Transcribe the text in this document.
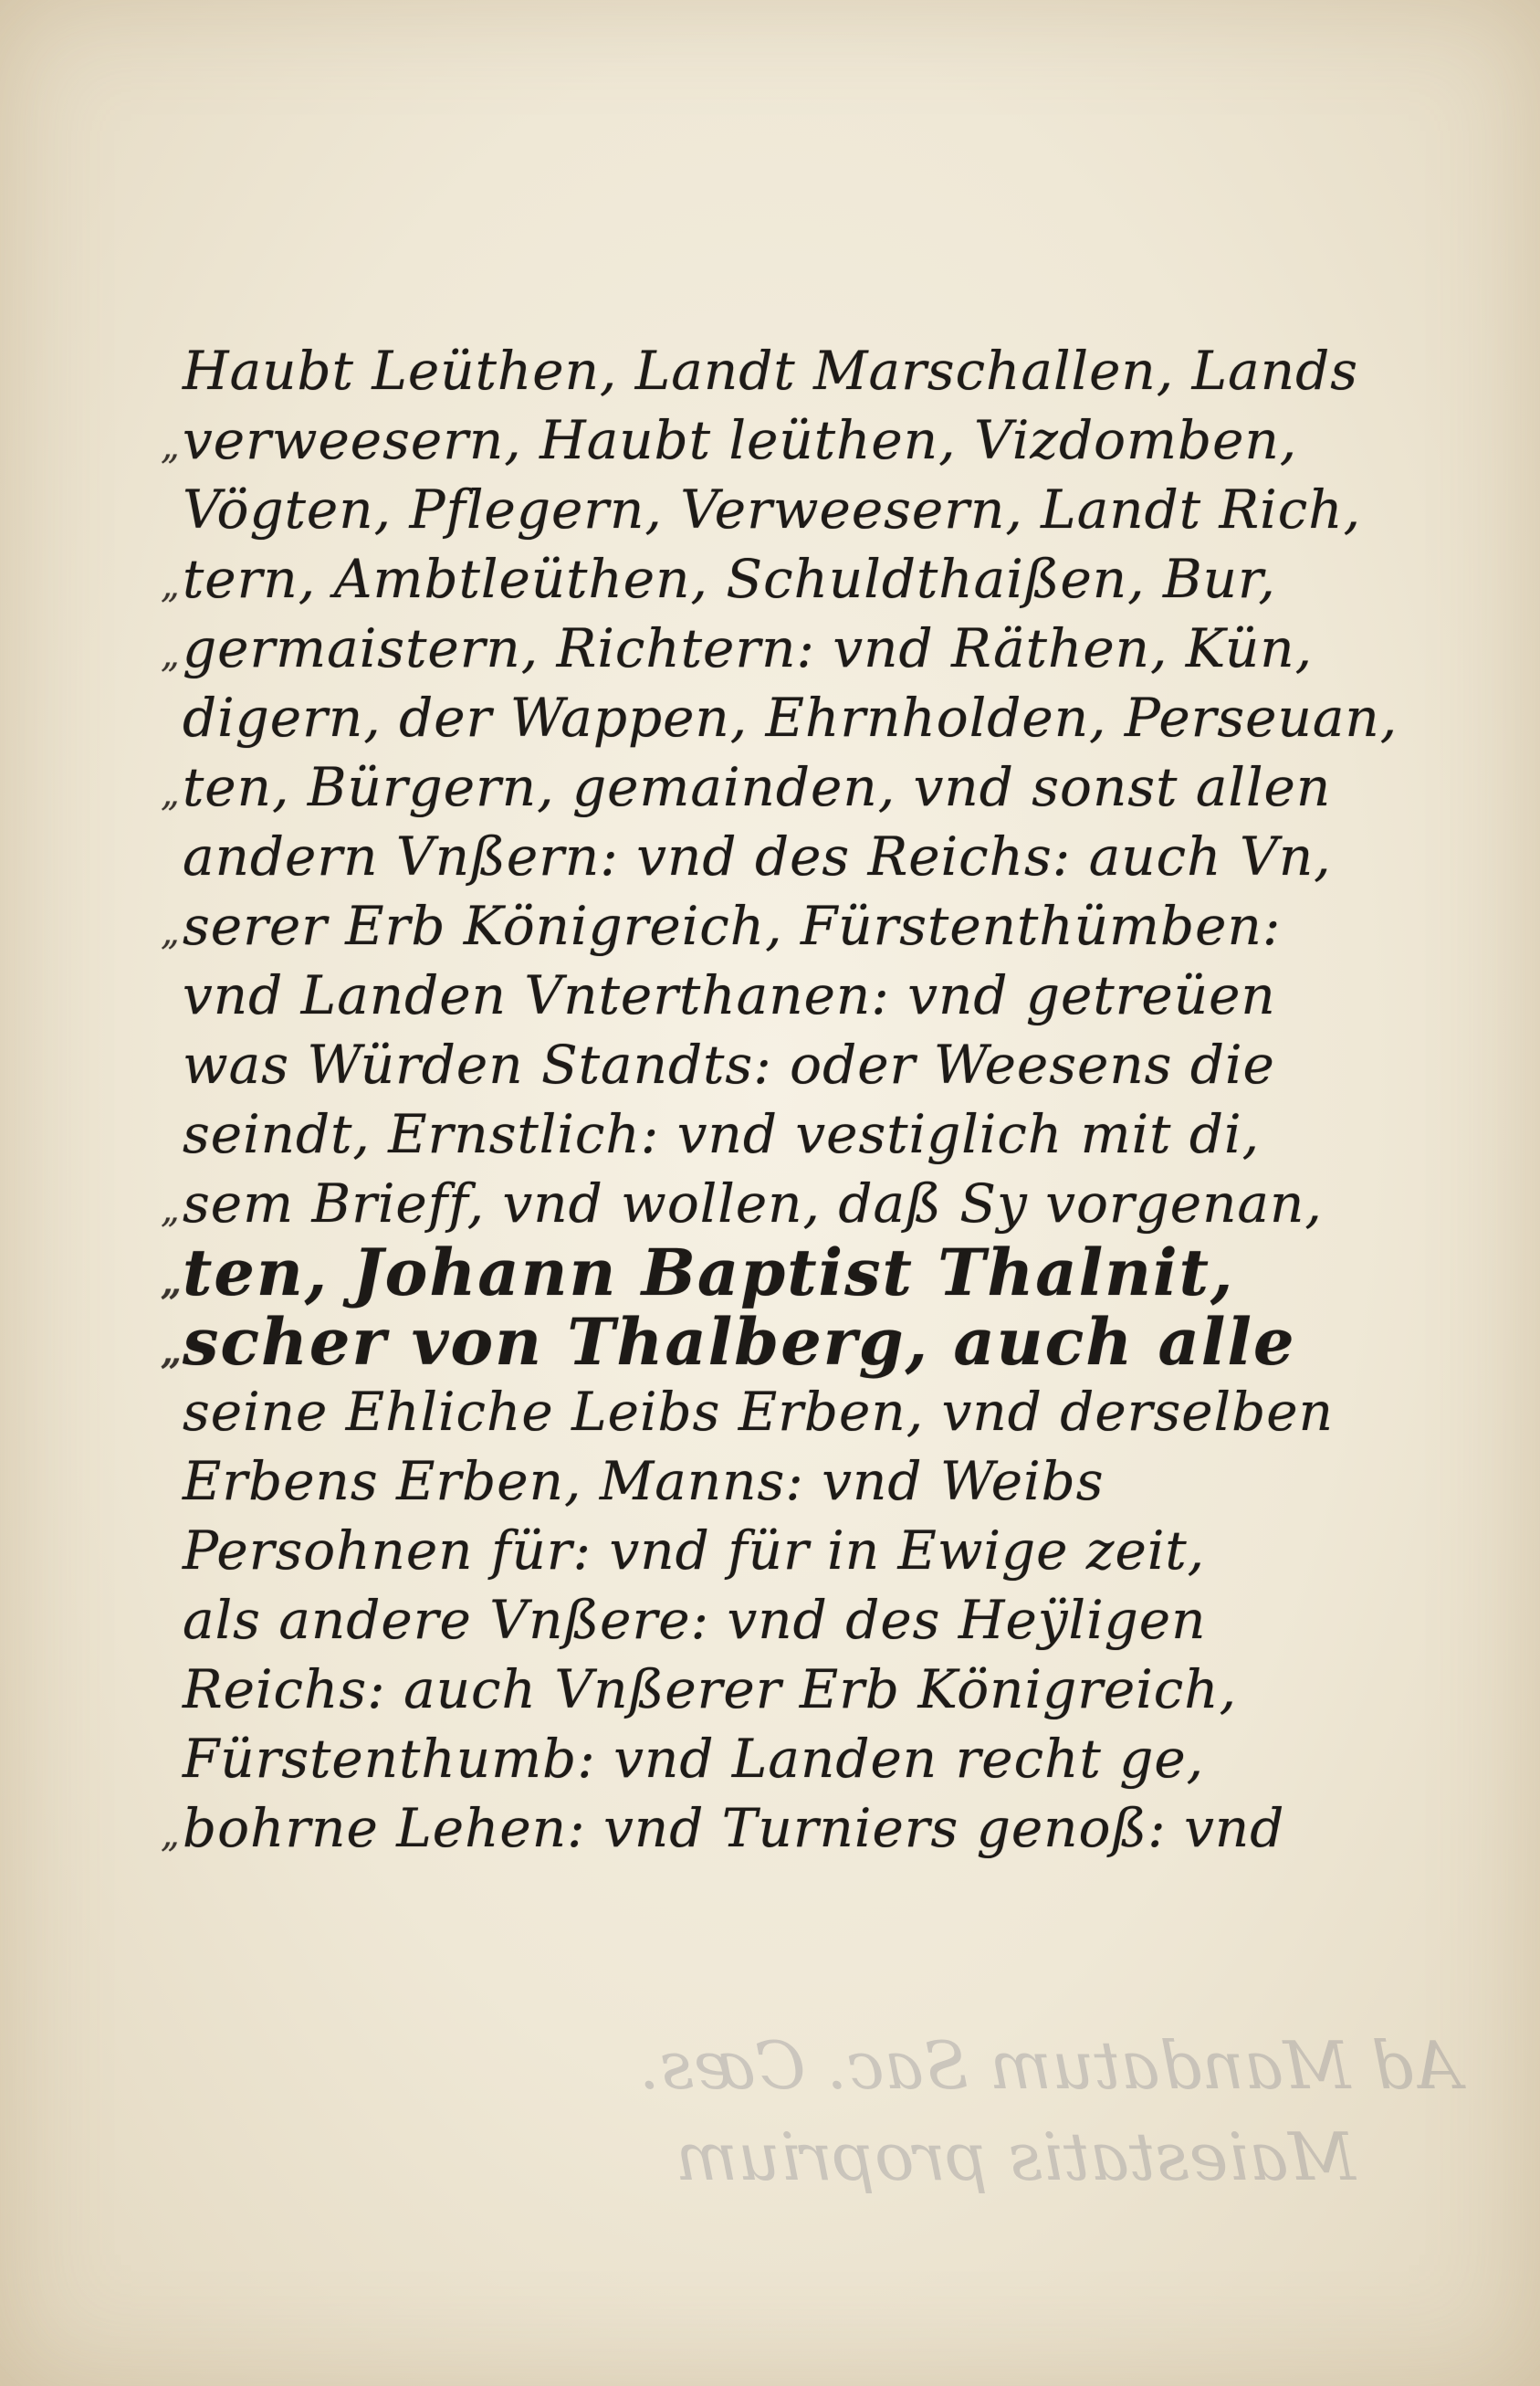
Ad Mandatum Sac. Cæs.
Maiestatis proprium
Haubt Leüthen, Landt Marschallen, Lands
„verweesern, Haubt leüthen, Vizdomben,
Vögten, Pflegern, Verweesern, Landt Rich,
„tern, Ambtleüthen, Schuldthaißen, Bur,
„germaistern, Richtern: vnd Räthen, Kün,
digern, der Wappen, Ehrnholden, Perseuan,
„ten, Bürgern, gemainden, vnd sonst allen
andern Vnßern: vnd des Reichs: auch Vn,
„serer Erb Königreich, Fürstenthümben:
vnd Landen Vnterthanen: vnd getreüen
was Würden Standts: oder Weesens die
seindt, Ernstlich: vnd vestiglich mit di,
„sem Brieff, vnd wollen, daß Sy vorgenan,
„ten, Johann Baptist Thalnit,
„scher von Thalberg, auch alle
seine Ehliche Leibs Erben, vnd derselben
Erbens Erben, Manns: vnd Weibs
Persohnen für: vnd für in Ewige zeit,
als andere Vnßere: vnd des Heÿligen
Reichs: auch Vnßerer Erb Königreich,
Fürstenthumb: vnd Landen recht ge,
„bohrne Lehen: vnd Turniers genoß: vnd
